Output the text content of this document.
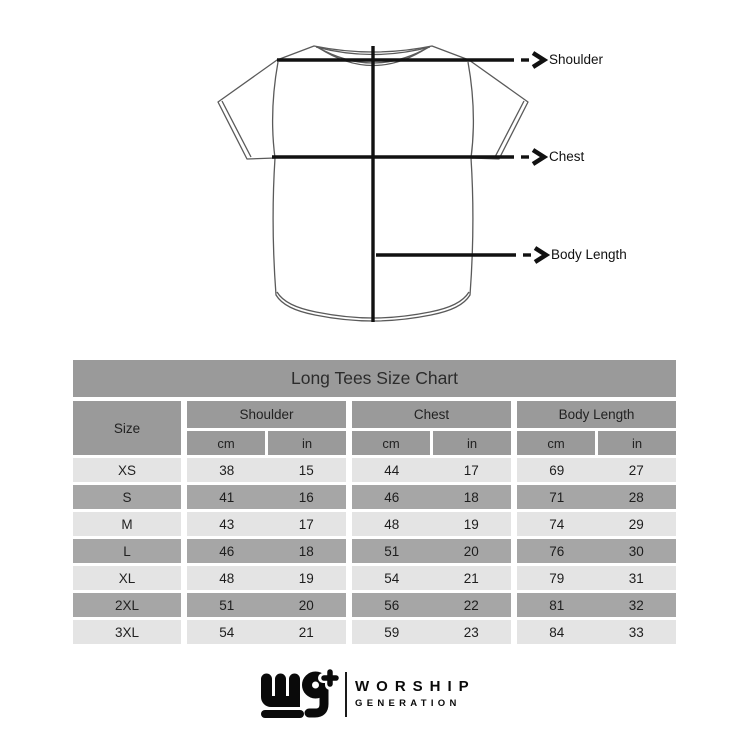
Shoulder
Chest
Body Length
Long Tees Size Chart
Size
Shoulder
cm	in
Chest
cm	in
Body Length
cm	in
XS	38	15	44	17	69	27
S	41	16	46	18	71	28
M	43	17	48	19	74	29
L	46	18	51	20	76	30
XL	48	19	54	21	79	31
2XL	51	20	56	22	81	32
3XL	54	21	59	23	84	33
WORSHIP
GENERATION
